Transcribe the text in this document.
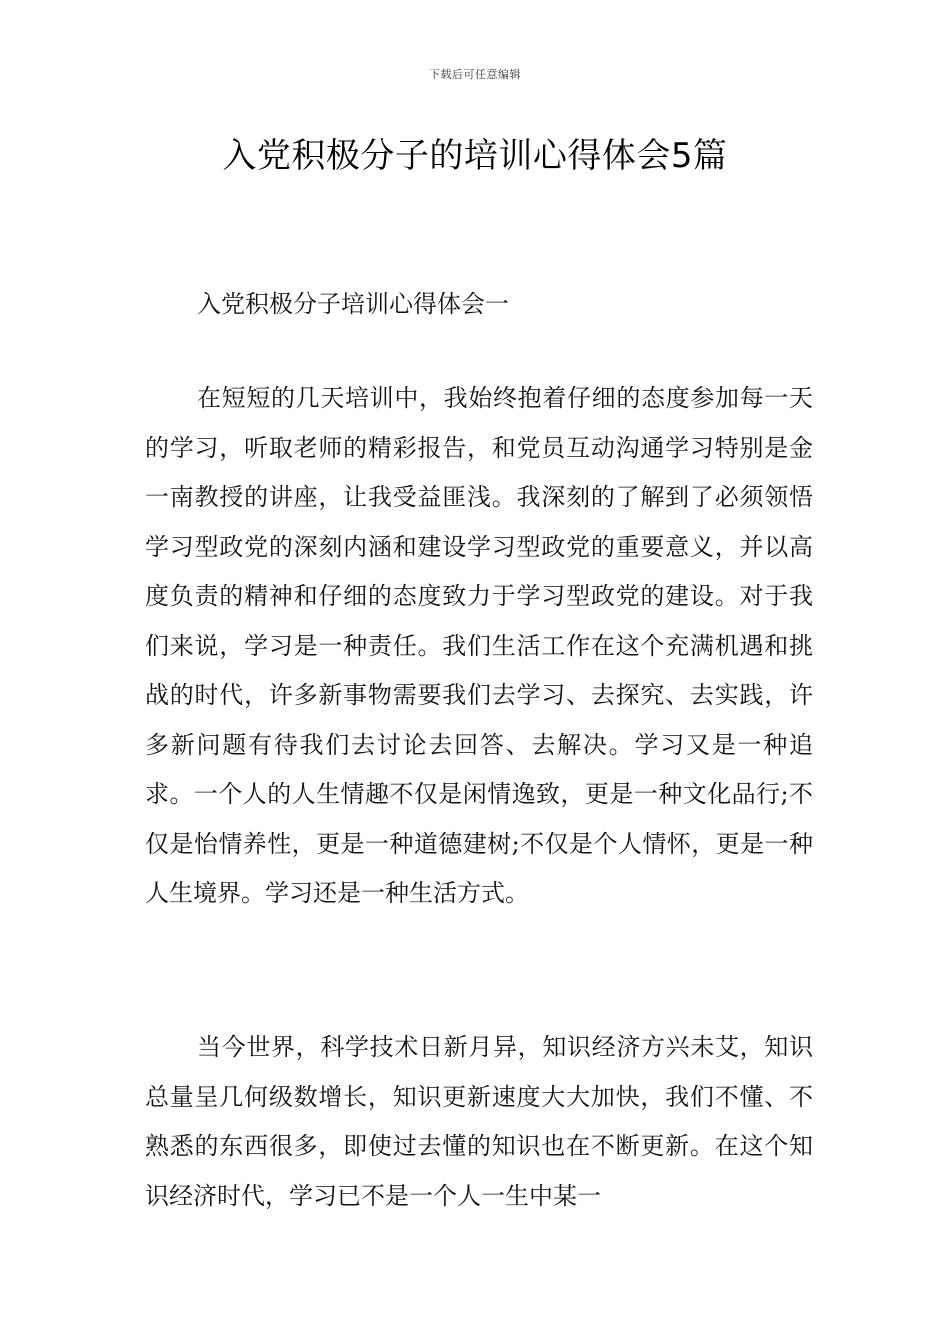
下载后可任意编辑
入党积极分子的培训心得体会5篇
入党积极分子培训心得体会一

在短短的几天培训中，我始终抱着仔细的态度参加每一天的学习，听取老师的精彩报告，和党员互动沟通学习特别是金一南教授的讲座，让我受益匪浅。我深刻的了解到了必须领悟学习型政党的深刻内涵和建设学习型政党的重要意义，并以高度负责的精神和仔细的态度致力于学习型政党的建设。对于我们来说，学习是一种责任。我们生活工作在这个充满机遇和挑战的时代，许多新事物需要我们去学习、去探究、去实践，许多新问题有待我们去讨论去回答、去解决。学习又是一种追求。一个人的人生情趣不仅是闲情逸致，更是一种文化品行;不仅是怡情养性，更是一种道德建树;不仅是个人情怀，更是一种人生境界。学习还是一种生活方式。

当今世界，科学技术日新月异，知识经济方兴未艾，知识总量呈几何级数增长，知识更新速度大大加快，我们不懂、不熟悉的东西很多，即使过去懂的知识也在不断更新。在这个知识经济时代，学习已不是一个人一生中某一
